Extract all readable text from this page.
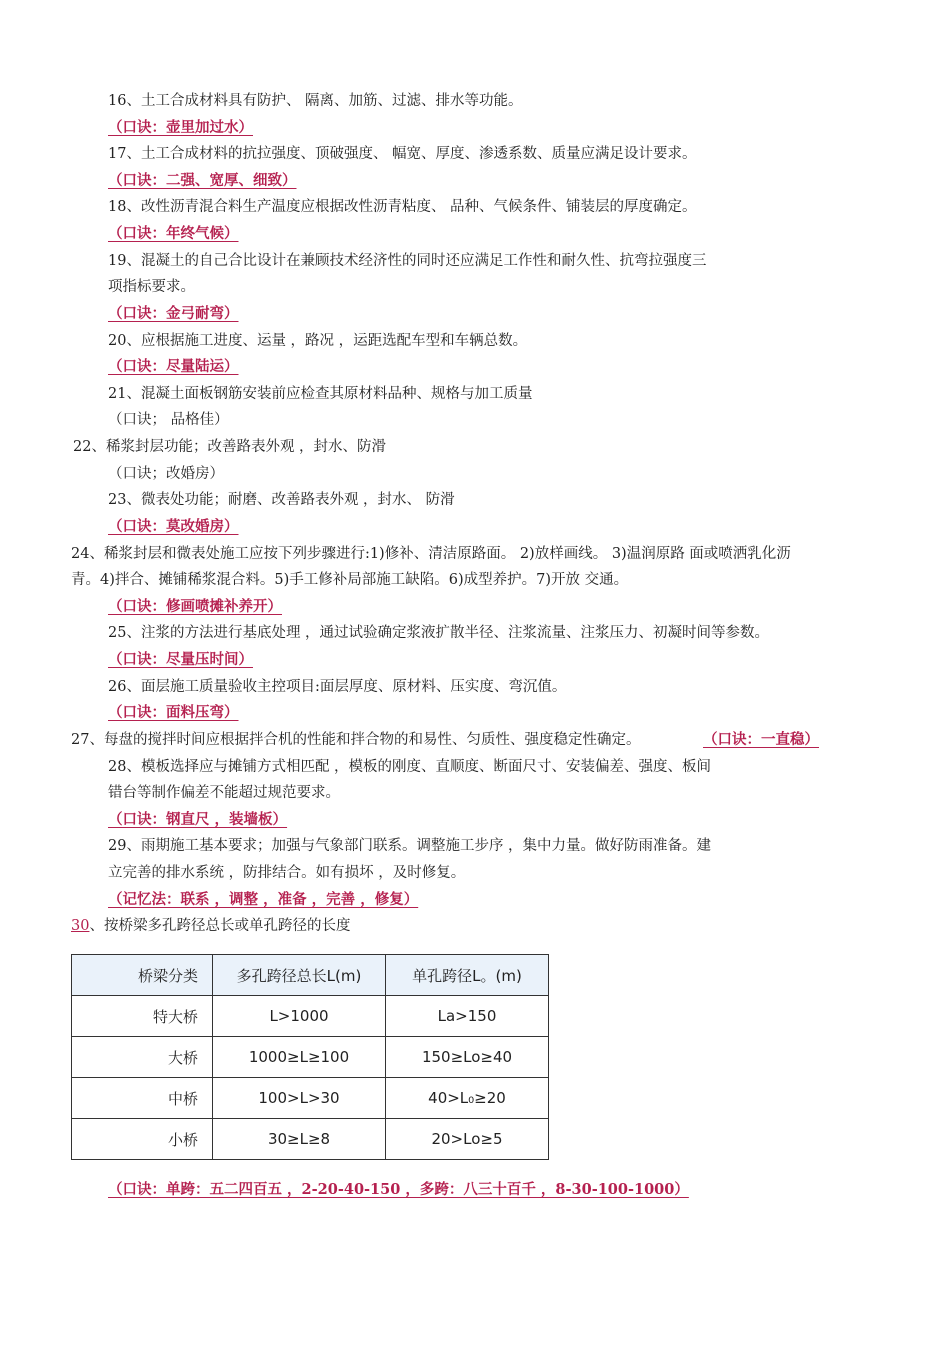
16、土工合成材料具有防护、 隔离、加筋、过滤、排水等功能。
（口诀：壶里加过水）
17、土工合成材料的抗拉强度、顶破强度、 幅宽、厚度、渗透系数、质量应满足设计要求。
（口诀：二强、宽厚、细致）
18、改性沥青混合料生产温度应根据改性沥青粘度、 品种、气候条件、铺装层的厚度确定。
（口诀：年终气候）
19、混凝土的自己合比设计在兼顾技术经济性的同时还应满足工作性和耐久性、抗弯拉强度三
项指标要求。
（口诀：金弓耐弯）
20、应根据施工进度、运量 ，路况 ，运距选配车型和车辆总数。
（口诀：尽量陆运）
21、混凝土面板钢筋安装前应检查其原材料品种、规格与加工质量
（口诀； 品格佳）
22、稀浆封层功能；改善路表外观 ，封水、防滑
（口诀；改婚房）
23、微表处功能；耐磨、改善路表外观 ，封水、 防滑
（口诀：莫改婚房）
24、稀浆封层和微表处施工应按下列步骤进行:1)修补、清洁原路面。 2)放样画线。 3)温润原路 面或喷洒乳化沥
青。4)拌合、摊铺稀浆混合料。5)手工修补局部施工缺陷。6)成型养护。7)开放 交通。
（口诀：修画喷摊补养开）
25、注浆的方法进行基底处理 ，通过试验确定浆液扩散半径、注浆流量、注浆压力、初凝时间等参数。
（口诀：尽量压时间）
26、面层施工质量验收主控项目:面层厚度、原材料、压实度、弯沉值。
（口诀：面料压弯）
27、每盘的搅拌时间应根据拌合机的性能和拌合物的和易性、匀质性、强度稳定性确定。	（口诀：一直稳）
28、模板选择应与摊铺方式相匹配 ，模板的刚度、直顺度、断面尺寸、安装偏差、强度、板间
错台等制作偏差不能超过规范要求。
（口诀：钢直尺 ，装墙板）
29、雨期施工基本要求；加强与气象部门联系。调整施工步序 ，集中力量。做好防雨准备。建
立完善的排水系统 ，防排结合。如有损坏 ，及时修复。
（记忆法：联系 ，调整 ，准备 ，完善 ，修复）
30、按桥梁多孔跨径总长或单孔跨径的长度
桥梁分类	多孔跨径总长L(m)	单孔跨径L。(m)
特大桥	L>1000	La>150
大桥	1000≥L≥100	150≥Lo≥40
中桥	100>L>30	40>L₀≥20
小桥	30≥L≥8	20>Lo≥5
（口诀：单跨：五二四百五 ，2-20-40-150 ，多跨：八三十百千 ，8-30-100-1000）
